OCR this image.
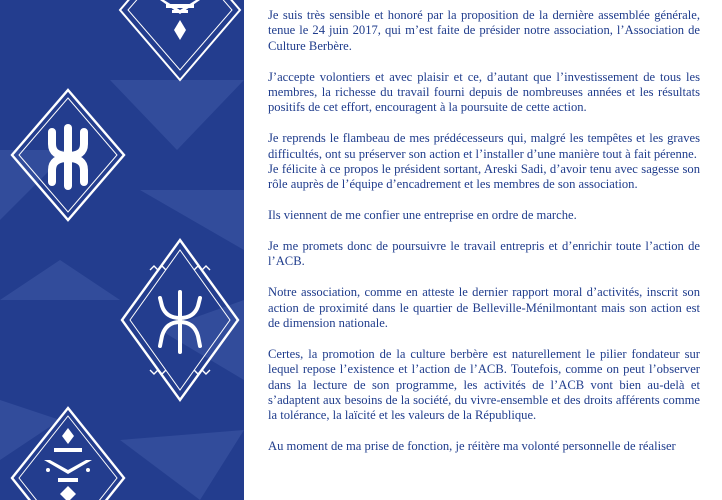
Je suis très sensible et honoré par la proposition de la dernière assemblée générale, tenue le 24 juin 2017, qui m’est faite de présider notre association, l’Association de Culture Berbère.

J’accepte volontiers et avec plaisir et ce, d’autant que l’investissement de tous les membres, la richesse du travail fourni depuis de nombreuses années et les résultats positifs de cet effort, encouragent à la poursuite de cette action.

Je reprends le flambeau de mes prédécesseurs qui, malgré les tempêtes et les graves difficultés, ont su préserver son action et l’installer d’une manière tout à fait pérenne.

Je félicite à ce propos le président sortant, Areski Sadi, d’avoir tenu avec sagesse son rôle auprès de l’équipe d’encadrement et les membres de son association.

Ils viennent de me confier une entreprise en ordre de marche.

Je me promets donc de poursuivre le travail entrepris et d’enrichir toute l’action de l’ACB.

Notre association, comme en atteste le dernier rapport moral d’activités, inscrit son action de proximité dans le quartier de Belleville-Ménilmontant mais son action est de dimension nationale.

Certes, la promotion de la culture berbère est naturellement le pilier fondateur sur lequel repose l’existence et l’action de l’ACB. Toutefois, comme on peut l’observer dans la lecture de son programme, les activités de l’ACB vont bien au-delà et s’adaptent aux besoins de la société, du vivre-ensemble et des droits afférents comme la tolérance, la laïcité et les valeurs de la République.

Au moment de ma prise de fonction, je réitère ma volonté personnelle de réaliser
